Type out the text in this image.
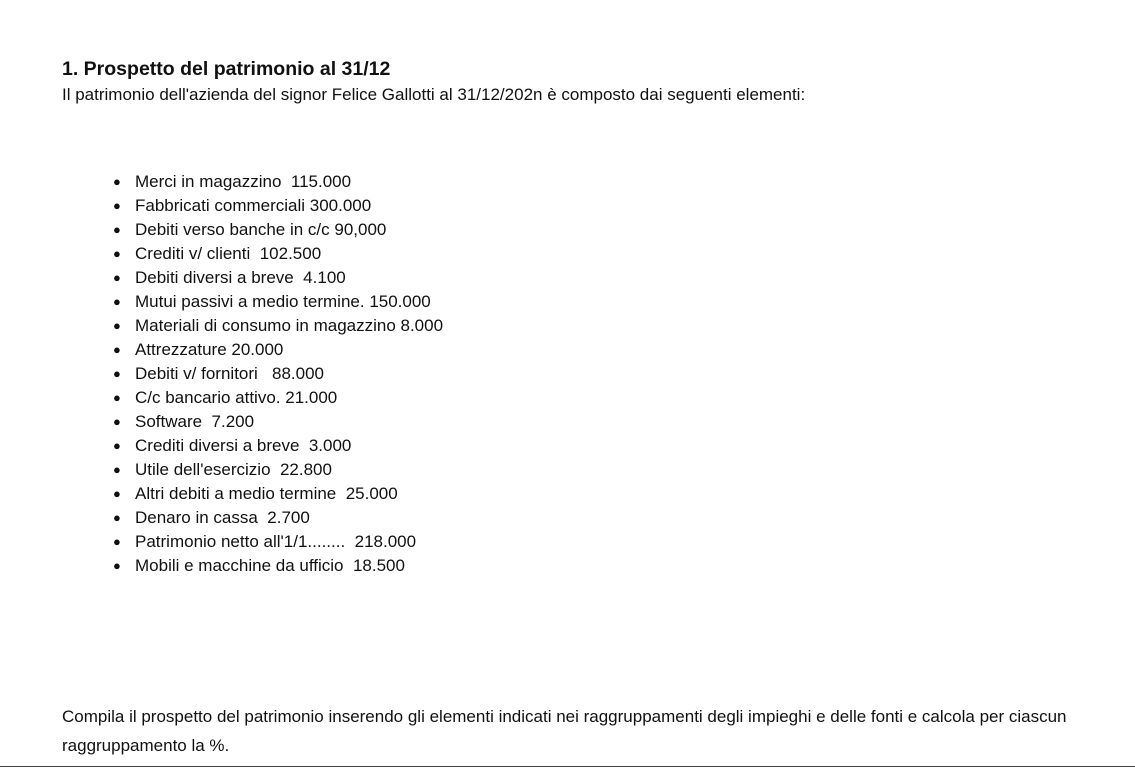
1. Prospetto del patrimonio al 31/12

Il patrimonio dell'azienda del signor Felice Gallotti al 31/12/202n è composto dai seguenti elementi:

● Merci in magazzino  115.000
● Fabbricati commerciali 300.000
● Debiti verso banche in c/c 90,000
● Crediti v/ clienti  102.500
● Debiti diversi a breve  4.100
● Mutui passivi a medio termine. 150.000
● Materiali di consumo in magazzino 8.000
● Attrezzature 20.000
● Debiti v/ fornitori   88.000
● C/c bancario attivo. 21.000
● Software  7.200
● Crediti diversi a breve  3.000
● Utile dell'esercizio  22.800
● Altri debiti a medio termine  25.000
● Denaro in cassa  2.700
● Patrimonio netto all'1/1........  218.000
● Mobili e macchine da ufficio  18.500

Compila il prospetto del patrimonio inserendo gli elementi indicati nei raggruppamenti degli impieghi e delle fonti e calcola per ciascun raggruppamento la %.
